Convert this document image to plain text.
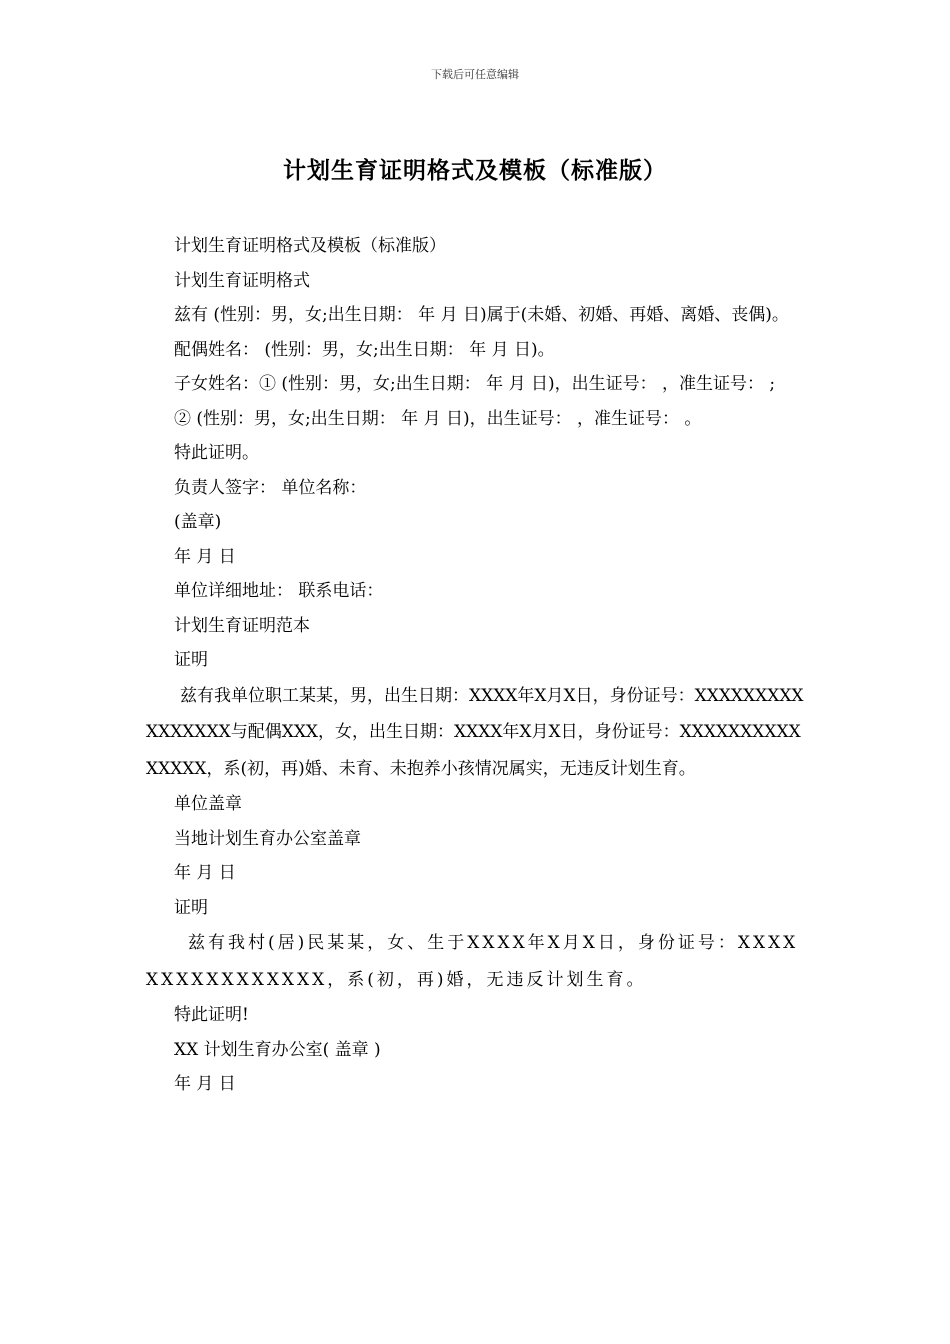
下载后可任意编辑
计划生育证明格式及模板（标准版）

计划生育证明格式及模板（标准版）

计划生育证明格式

兹有 (性别：男，女;出生日期： 年 月 日)属于(未婚、初婚、再婚、离婚、丧偶)。

配偶姓名： (性别：男，女;出生日期： 年 月 日)。

子女姓名：① (性别：男，女;出生日期： 年 月 日)，出生证号： ，准生证号： ;

② (性别：男，女;出生日期： 年 月 日)，出生证号： ，准生证号： 。

特此证明。

负责人签字： 单位名称：

(盖章)

年 月 日

单位详细地址： 联系电话：

计划生育证明范本

证明

兹有我单位职工某某，男，出生日期：XXXX年X月X日，身份证号：XXXXXXXXXXXXXXXX与配偶XXX，女，出生日期：XXXX年X月X日，身份证号：XXXXXXXXXXXXXXX，系(初，再)婚、未育、未抱养小孩情况属实，无违反计划生育。

单位盖章

当地计划生育办公室盖章

年 月 日

证明

兹有我村(居)民某某，女、生于XXXX年X月X日，身份证号：XXXXXXXXXXXXXXXX，系(初，再)婚，无违反计划生育。

特此证明!

XX 计划生育办公室( 盖章 )

年 月 日
